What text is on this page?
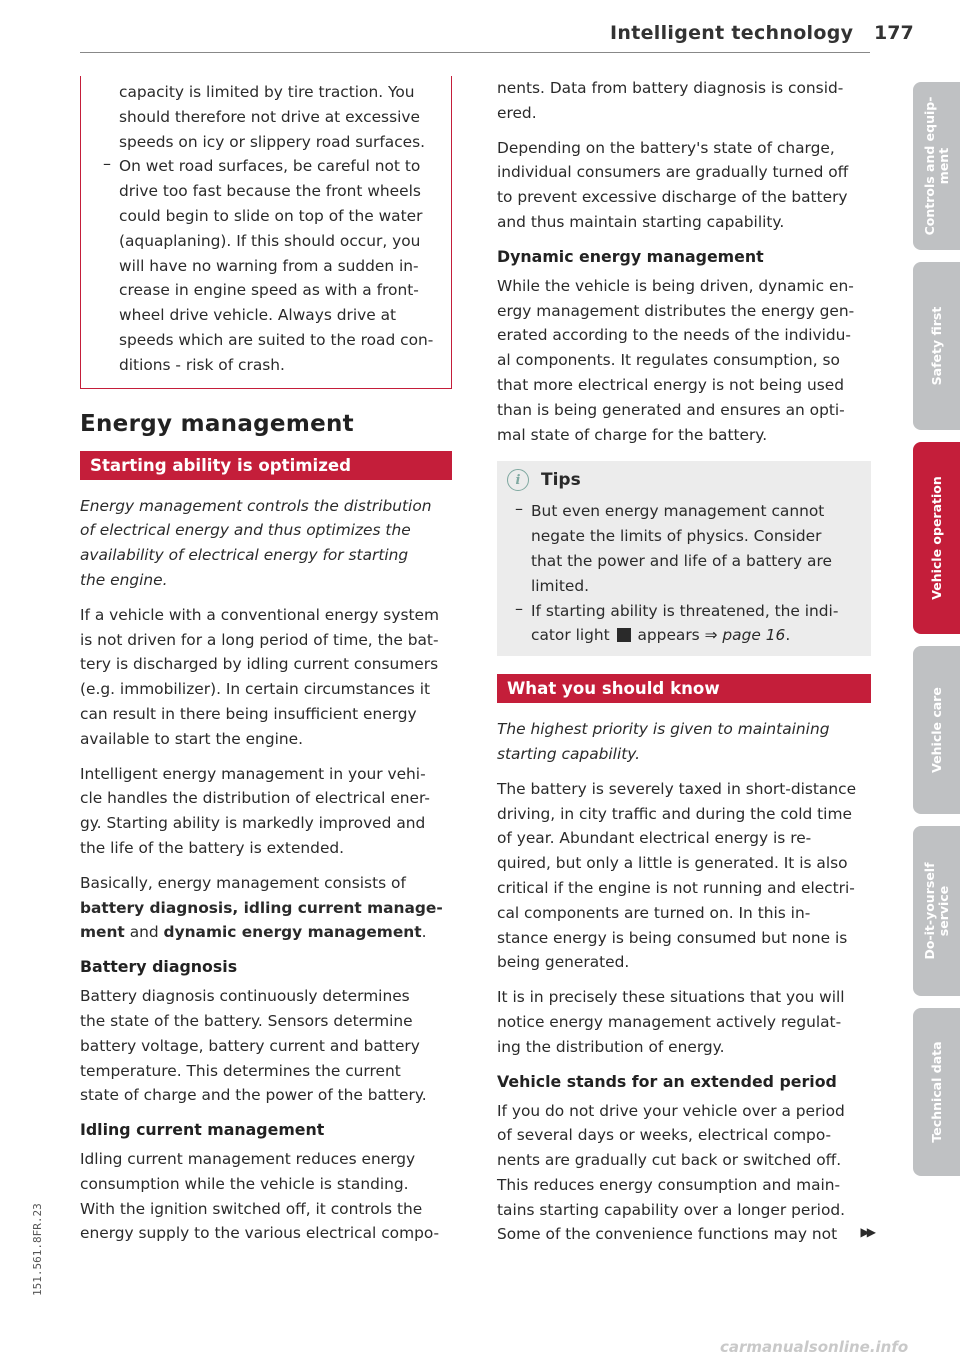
Intelligent technology 177

capacity is limited by tire traction. You

should therefore not drive at excessive

speeds on icy or slippery road surfaces.

– On wet road surfaces, be careful not to

drive too fast because the front wheels

could begin to slide on top of the water

(aquaplaning). If this should occur, you

will have no warning from a sudden in-

crease in engine speed as with a front-

wheel drive vehicle. Always drive at

speeds which are suited to the road con-

ditions - risk of crash.

Energy management
Starting ability is optimized

Energy management controls the distribution

of electrical energy and thus optimizes the

availability of electrical energy for starting

the engine.

If a vehicle with a conventional energy system

is not driven for a long period of time, the bat-

tery is discharged by idling current consumers

(e.g. immobilizer). In certain circumstances it

can result in there being insufficient energy

available to start the engine.

Intelligent energy management in your vehi-

cle handles the distribution of electrical ener-

gy. Starting ability is markedly improved and

the life of the battery is extended.

Basically, energy management consists of

battery diagnosis, idling current manage-

ment and dynamic energy management.

Battery diagnosis

Battery diagnosis continuously determines

the state of the battery. Sensors determine

battery voltage, battery current and battery

temperature. This determines the current

state of charge and the power of the battery.

Idling current management

Idling current management reduces energy

consumption while the vehicle is standing.

With the ignition switched off, it controls the

energy supply to the various electrical compo-

nents. Data from battery diagnosis is consid-

ered.

Depending on the battery's state of charge,

individual consumers are gradually turned off

to prevent excessive discharge of the battery

and thus maintain starting capability.

Dynamic energy management

While the vehicle is being driven, dynamic en-

ergy management distributes the energy gen-

erated according to the needs of the individu-

al components. It regulates consumption, so

that more electrical energy is not being used

than is being generated and ensures an opti-

mal state of charge for the battery.

i	Tips
– But even energy management cannot

negate the limits of physics. Consider

that the power and life of a battery are

limited.

– If starting ability is threatened, the indi-

cator light  appears ⇒ page 16.

What you should know

The highest priority is given to maintaining

starting capability.

The battery is severely taxed in short-distance

driving, in city traffic and during the cold time

of year. Abundant electrical energy is re-

quired, but only a little is generated. It is also

critical if the engine is not running and electri-

cal components are turned on. In this in-

stance energy is being consumed but none is

being generated.

It is in precisely these situations that you will

notice energy management actively regulat-

ing the distribution of energy.

Vehicle stands for an extended period

If you do not drive your vehicle over a period

of several days or weeks, electrical compo-

nents are gradually cut back or switched off.

This reduces energy consumption and main-

tains starting capability over a longer period.

Some of the convenience functions may not	▶▶
Controls and equip-
ment
Safety first
Vehicle operation
Vehicle care
Do-it-yourself
service
Technical data
151.561.8FR.23
carmanualsonline.info
